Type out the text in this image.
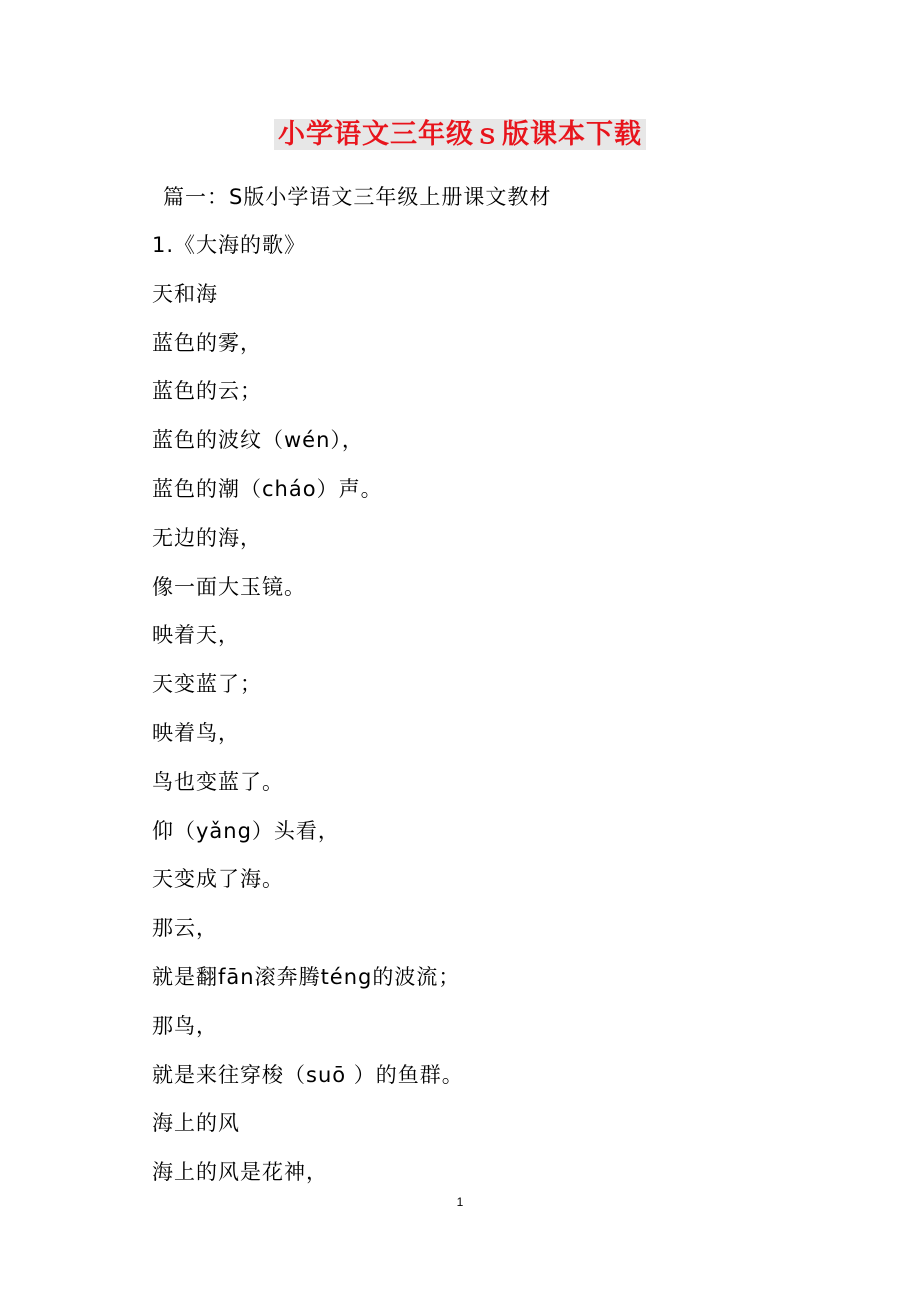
小学语文三年级ｓ版课本下载
篇一：S版小学语文三年级上册课文教材
1.《大海的歌》
天和海
蓝色的雾，
蓝色的云；
蓝色的波纹（wén），
蓝色的潮（cháo）声。
无边的海，
像一面大玉镜。
映着天，
天变蓝了；
映着鸟，
鸟也变蓝了。
仰（yǎng）头看，
天变成了海。
那云，
就是翻fān滚奔腾téng的波流；
那鸟，
就是来往穿梭（suō ）的鱼群。
海上的风
海上的风是花神，
1
